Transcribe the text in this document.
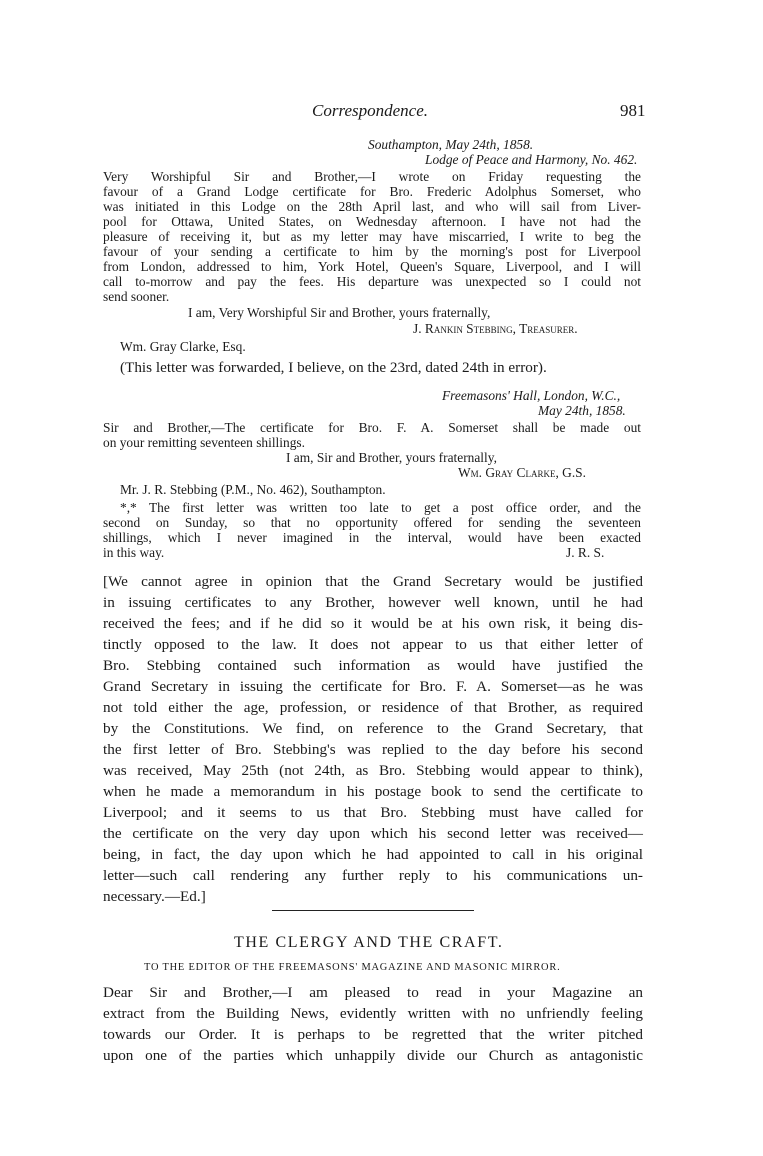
Correspondence.	981
Southampton, May 24th, 1858.
Lodge of Peace and Harmony, No. 462.
Very Worshipful Sir and Brother,—I wrote on Friday requesting the
favour of a Grand Lodge certificate for Bro. Frederic Adolphus Somerset, who
was initiated in this Lodge on the 28th April last, and who will sail from Liver-
pool for Ottawa, United States, on Wednesday afternoon. I have not had the
pleasure of receiving it, but as my letter may have miscarried, I write to beg the
favour of your sending a certificate to him by the morning's post for Liverpool
from London, addressed to him, York Hotel, Queen's Square, Liverpool, and I will
call to-morrow and pay the fees. His departure was unexpected so I could not
send sooner.
I am, Very Worshipful Sir and Brother, yours fraternally,
J. Rankin Stebbing, Treasurer.
Wm. Gray Clarke, Esq.
(This letter was forwarded, I believe, on the 23rd, dated 24th in error).
Freemasons' Hall, London, W.C.,
May 24th, 1858.
Sir and Brother,—The certificate for Bro. F. A. Somerset shall be made out
on your remitting seventeen shillings.
I am, Sir and Brother, yours fraternally,
Wm. Gray Clarke, G.S.
Mr. J. R. Stebbing (P.M., No. 462), Southampton.
*,* The first letter was written too late to get a post office order, and the
second on Sunday, so that no opportunity offered for sending the seventeen
shillings, which I never imagined in the interval, would have been exacted
in this way.	J. R. S.
[We cannot agree in opinion that the Grand Secretary would be justified
in issuing certificates to any Brother, however well known, until he had
received the fees; and if he did so it would be at his own risk, it being dis-
tinctly opposed to the law. It does not appear to us that either letter of
Bro. Stebbing contained such information as would have justified the
Grand Secretary in issuing the certificate for Bro. F. A. Somerset—as he was
not told either the age, profession, or residence of that Brother, as required
by the Constitutions. We find, on reference to the Grand Secretary, that
the first letter of Bro. Stebbing's was replied to the day before his second
was received, May 25th (not 24th, as Bro. Stebbing would appear to think),
when he made a memorandum in his postage book to send the certificate to
Liverpool; and it seems to us that Bro. Stebbing must have called for
the certificate on the very day upon which his second letter was received—
being, in fact, the day upon which he had appointed to call in his original
letter—such call rendering any further reply to his communications un-
necessary.—Ed.]
THE CLERGY AND THE CRAFT.
TO THE EDITOR OF THE FREEMASONS' MAGAZINE AND MASONIC MIRROR.
Dear Sir and Brother,—I am pleased to read in your Magazine an
extract from the Building News, evidently written with no unfriendly feeling
towards our Order. It is perhaps to be regretted that the writer pitched
upon one of the parties which unhappily divide our Church as antagonistic
